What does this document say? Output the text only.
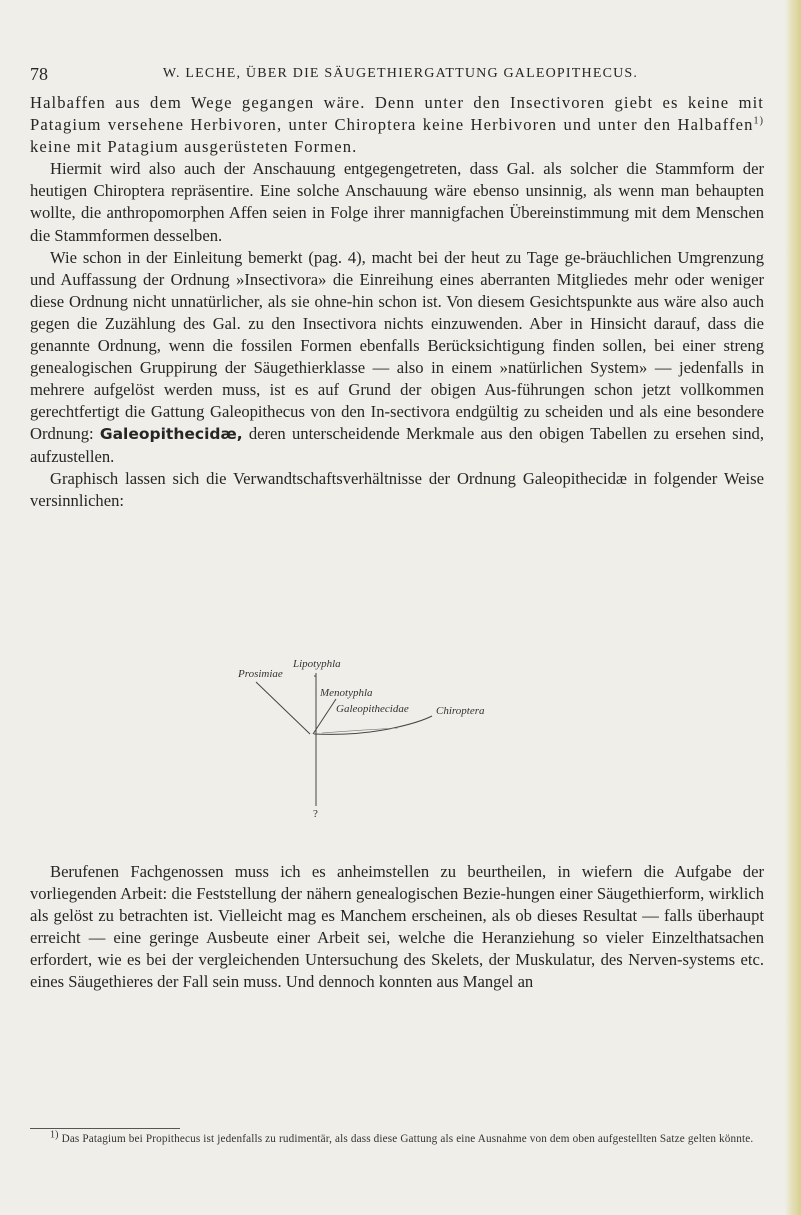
78	W. LECHE, ÜBER DIE SÄUGETHIERGATTUNG GALEOPITHECUS.

Halbaffen aus dem Wege gegangen wäre. Denn unter den Insectivoren giebt es keine mit Patagium versehene Herbivoren, unter Chiroptera keine Herbivoren und unter den Halbaffen$^{1)}$ keine mit Patagium ausgerüsteten Formen.

Hiermit wird also auch der Anschauung entgegengetreten, dass Gal. als solcher die Stammform der heutigen Chiroptera repräsentire. Eine solche Anschauung wäre ebenso unsinnig, als wenn man behaupten wollte, die anthropomorphen Affen seien in Folge ihrer mannigfachen Übereinstimmung mit dem Menschen die Stammformen desselben.

Wie schon in der Einleitung bemerkt (pag. 4), macht bei der heut zu Tage ge-bräuchlichen Umgrenzung und Auffassung der Ordnung »Insectivora» die Einreihung eines aberranten Mitgliedes mehr oder weniger diese Ordnung nicht unnatürlicher, als sie ohne-hin schon ist. Von diesem Gesichtspunkte aus wäre also auch gegen die Zuzählung des Gal. zu den Insectivora nichts einzuwenden. Aber in Hinsicht darauf, dass die genannte Ordnung, wenn die fossilen Formen ebenfalls Berücksichtigung finden sollen, bei einer streng genealogischen Gruppirung der Säugethierklasse — also in einem »natürlichen System» — jedenfalls in mehrere aufgelöst werden muss, ist es auf Grund der obigen Aus-führungen schon jetzt vollkommen gerechtfertigt die Gattung Galeopithecus von den In-sectivora endgültig zu scheiden und als eine besondere Ordnung: Galeopithecidæ, deren unterscheidende Merkmale aus den obigen Tabellen zu ersehen sind, aufzustellen.

Graphisch lassen sich die Verwandtschaftsverhältnisse der Ordnung Galeopithecidæ in folgender Weise versinnlichen:

Lipotyphla
Prosimiae
Menotyphla
Galeopithecidae Chiroptera
?

Berufenen Fachgenossen muss ich es anheimstellen zu beurtheilen, in wiefern die Aufgabe der vorliegenden Arbeit: die Feststellung der nähern genealogischen Bezie-hungen einer Säugethierform, wirklich als gelöst zu betrachten ist. Vielleicht mag es Manchem erscheinen, als ob dieses Resultat — falls überhaupt erreicht — eine geringe Ausbeute einer Arbeit sei, welche die Heranziehung so vieler Einzelthatsachen erfordert, wie es bei der vergleichenden Untersuchung des Skelets, der Muskulatur, des Nerven-systems etc. eines Säugethieres der Fall sein muss. Und dennoch konnten aus Mangel an

$^{1)}$ Das Patagium bei Propithecus ist jedenfalls zu rudimentär, als dass diese Gattung als eine Ausnahme von dem oben aufgestellten Satze gelten könnte.
